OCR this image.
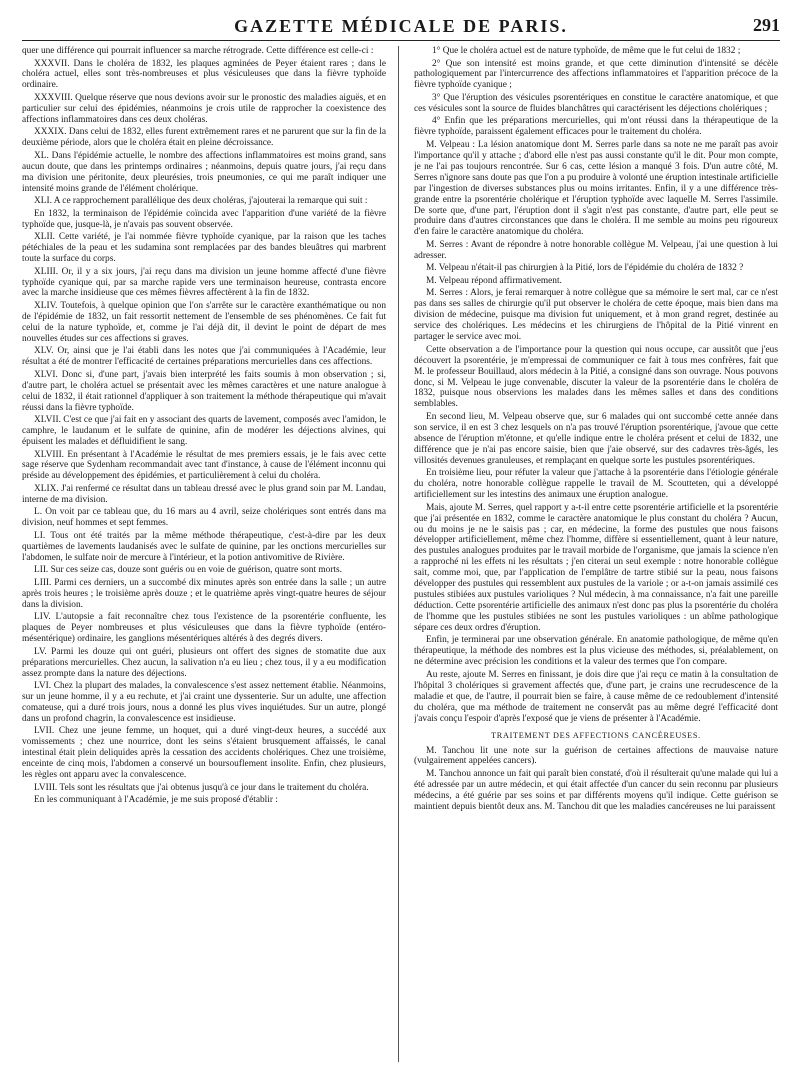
GAZETTE MÉDICALE DE PARIS.	291

quer une différence qui pourrait influencer sa marche rétrograde. Cette différence est celle-ci :

XXXVII. Dans le choléra de 1832, les plaques agminées de Peyer étaient rares ; dans le choléra actuel, elles sont très-nombreuses et plus vésiculeuses que dans la fièvre typhoïde ordinaire.

XXXVIII. Quelque réserve que nous devions avoir sur le pronostic des maladies aiguës, et en particulier sur celui des épidémies, néanmoins je crois utile de rapprocher la coexistence des affections inflammatoires dans ces deux choléras.

XXXIX. Dans celui de 1832, elles furent extrêmement rares et ne parurent que sur la fin de la deuxième période, alors que le choléra était en pleine décroissance.

XL. Dans l'épidémie actuelle, le nombre des affections inflammatoires est moins grand, sans aucun doute, que dans les printemps ordinaires ; néanmoins, depuis quatre jours, j'ai reçu dans ma division une péritonite, deux pleurésies, trois pneumonies, ce qui me paraît indiquer une intensité moins grande de l'élément cholérique.

XLI. A ce rapprochement parallélique des deux choléras, j'ajouterai la remarque qui suit :

En 1832, la terminaison de l'épidémie coïncida avec l'apparition d'une variété de la fièvre typhoïde que, jusque-là, je n'avais pas souvent observée.

XLII. Cette variété, je l'ai nommée fièvre typhoïde cyanique, par la raison que les taches pétéchiales de la peau et les sudamina sont remplacées par des bandes bleuâtres qui marbrent toute la surface du corps.

XLIII. Or, il y a six jours, j'ai reçu dans ma division un jeune homme affecté d'une fièvre typhoïde cyanique qui, par sa marche rapide vers une terminaison heureuse, contrasta encore avec la marche insidieuse que ces mêmes fièvres affectèrent à la fin de 1832.

XLIV. Toutefois, à quelque opinion que l'on s'arrête sur le caractère exanthématique ou non de l'épidémie de 1832, un fait ressortit nettement de l'ensemble de ses phénomènes. Ce fait fut celui de la nature typhoïde, et, comme je l'ai déjà dit, il devint le point de départ de mes nouvelles études sur ces affections si graves.

XLV. Or, ainsi que je l'ai établi dans les notes que j'ai communiquées à l'Académie, leur résultat a été de montrer l'efficacité de certaines préparations mercurielles dans ces affections.

XLVI. Donc si, d'une part, j'avais bien interprété les faits soumis à mon observation ; si, d'autre part, le choléra actuel se présentait avec les mêmes caractères et une nature analogue à celui de 1832, il était rationnel d'appliquer à son traitement la méthode thérapeutique qui m'avait réussi dans la fièvre typhoïde.

XLVII. C'est ce que j'ai fait en y associant des quarts de lavement, composés avec l'amidon, le camphre, le laudanum et le sulfate de quinine, afin de modérer les déjections alvines, qui épuisent les malades et défluidifient le sang.

XLVIII. En présentant à l'Académie le résultat de mes premiers essais, je le fais avec cette sage réserve que Sydenham recommandait avec tant d'instance, à cause de l'élément inconnu qui préside au développement des épidémies, et particulièrement à celui du choléra.

XLIX. J'ai renfermé ce résultat dans un tableau dressé avec le plus grand soin par M. Landau, interne de ma division.

L. On voit par ce tableau que, du 16 mars au 4 avril, seize cholériques sont entrés dans ma division, neuf hommes et sept femmes.

LI. Tous ont été traités par la même méthode thérapeutique, c'est-à-dire par les deux quartièmes de lavements laudanisés avec le sulfate de quinine, par les onctions mercurielles sur l'abdomen, le sulfate noir de mercure à l'intérieur, et la potion antivomitive de Rivière.

LII. Sur ces seize cas, douze sont guéris ou en voie de guérison, quatre sont morts.

LIII. Parmi ces derniers, un a succombé dix minutes après son entrée dans la salle ; un autre après trois heures ; le troisième après douze ; et le quatrième après vingt-quatre heures de séjour dans la division.

LIV. L'autopsie a fait reconnaître chez tous l'existence de la psorentérie confluente, les plaques de Peyer nombreuses et plus vésiculeuses que dans la fièvre typhoïde (entéro-mésentérique) ordinaire, les ganglions mésentériques altérés à des degrés divers.

LV. Parmi les douze qui ont guéri, plusieurs ont offert des signes de stomatite due aux préparations mercurielles. Chez aucun, la salivation n'a eu lieu ; chez tous, il y a eu modification assez prompte dans la nature des déjections.

LVI. Chez la plupart des malades, la convalescence s'est assez nettement établie. Néanmoins, sur un jeune homme, il y a eu rechute, et j'ai craint une dyssenterie. Sur un adulte, une affection comateuse, qui a duré trois jours, nous a donné les plus vives inquiétudes. Sur un autre, plongé dans un profond chagrin, la convalescence est insidieuse.

LVII. Chez une jeune femme, un hoquet, qui a duré vingt-deux heures, a succédé aux vomissements ; chez une nourrice, dont les seins s'étaient brusquement affaissés, le canal intestinal était plein deliquides après la cessation des accidents cholériques. Chez une troisième, enceinte de cinq mois, l'abdomen a conservé un boursouflement insolite. Enfin, chez plusieurs, les règles ont apparu avec la convalescence.

LVIII. Tels sont les résultats que j'ai obtenus jusqu'à ce jour dans le traitement du choléra.

En les communiquant à l'Académie, je me suis proposé d'établir :

1° Que le choléra actuel est de nature typhoïde, de même que le fut celui de 1832 ;

2° Que son intensité est moins grande, et que cette diminution d'intensité se décèle pathologiquement par l'intercurrence des affections inflammatoires et l'apparition précoce de la fièvre typhoïde cyanique ;

3° Que l'éruption des vésicules psorentériques en constitue le caractère anatomique, et que ces vésicules sont la source de fluides blanchâtres qui caractérisent les déjections cholériques ;

4° Enfin que les préparations mercurielles, qui m'ont réussi dans la thérapeutique de la fièvre typhoïde, paraissent également efficaces pour le traitement du choléra.

M. Velpeau : La lésion anatomique dont M. Serres parle dans sa note ne me paraît pas avoir l'importance qu'il y attache ; d'abord elle n'est pas aussi constante qu'il le dit. Pour mon compte, je ne l'ai pas toujours rencontrée. Sur 6 cas, cette lésion a manqué 3 fois. D'un autre côté, M. Serres n'ignore sans doute pas que l'on a pu produire à volonté une éruption intestinale artificielle par l'ingestion de diverses substances plus ou moins irritantes. Enfin, il y a une différence très-grande entre la psorentérie cholérique et l'éruption typhoïde avec laquelle M. Serres l'assimile. De sorte que, d'une part, l'éruption dont il s'agit n'est pas constante, d'autre part, elle peut se produire dans d'autres circonstances que dans le choléra. Il me semble au moins peu rigoureux d'en faire le caractère anatomique du choléra.

M. Serres : Avant de répondre à notre honorable collègue M. Velpeau, j'ai une question à lui adresser.

M. Velpeau n'était-il pas chirurgien à la Pitié, lors de l'épidémie du choléra de 1832 ?

M. Velpeau répond affirmativement.

M. Serres : Alors, je ferai remarquer à notre collègue que sa mémoire le sert mal, car ce n'est pas dans ses salles de chirurgie qu'il put observer le choléra de cette époque, mais bien dans ma division de médecine, puisque ma division fut uniquement, et à mon grand regret, destinée au service des cholériques. Les médecins et les chirurgiens de l'hôpital de la Pitié vinrent en partager le service avec moi.

Cette observation a de l'importance pour la question qui nous occupe, car aussitôt que j'eus découvert la psorentérie, je m'empressai de communiquer ce fait à tous mes confrères, fait que M. le professeur Bouillaud, alors médecin à la Pitié, a consigné dans son ouvrage. Nous pouvons donc, si M. Velpeau le juge convenable, discuter la valeur de la psorentérie dans le choléra de 1832, puisque nous observions les malades dans les mêmes salles et dans des conditions semblables.

En second lieu, M. Velpeau observe que, sur 6 malades qui ont succombé cette année dans son service, il en est 3 chez lesquels on n'a pas trouvé l'éruption psorentérique, j'avoue que cette absence de l'éruption m'étonne, et qu'elle indique entre le choléra présent et celui de 1832, une différence que je n'ai pas encore saisie, bien que j'aie observé, sur des cadavres très-âgés, les villosités devenues granuleuses, et remplaçant en quelque sorte les pustules psorentériques.

En troisième lieu, pour réfuter la valeur que j'attache à la psorentérie dans l'étiologie générale du choléra, notre honorable collègue rappelle le travail de M. Scoutteten, qui a développé artificiellement sur les intestins des animaux une éruption analogue.

Mais, ajoute M. Serres, quel rapport y a-t-il entre cette psorentérie artificielle et la psorentérie que j'ai présentée en 1832, comme le caractère anatomique le plus constant du choléra ? Aucun, ou du moins je ne le saisis pas ; car, en médecine, la forme des pustules que nous faisons développer artificiellement, même chez l'homme, diffère si essentiellement, quant à leur nature, des pustules analogues produites par le travail morbide de l'organisme, que jamais la science n'en a rapproché ni les effets ni les résultats ; j'en citerai un seul exemple : notre honorable collègue sait, comme moi, que, par l'application de l'emplâtre de tartre stibié sur la peau, nous faisons développer des pustules qui ressemblent aux pustules de la variole ; or a-t-on jamais assimilé ces pustules stibiées aux pustules varioliques ? Nul médecin, à ma connaissance, n'a fait une pareille déduction. Cette psorentérie artificielle des animaux n'est donc pas plus la psorentérie du choléra de l'homme que les pustules stibiées ne sont les pustules varioliques : un abîme pathologique sépare ces deux ordres d'éruption.

Enfin, je terminerai par une observation générale. En anatomie pathologique, de même qu'en thérapeutique, la méthode des nombres est la plus vicieuse des méthodes, si, préalablement, on ne détermine avec précision les conditions et la valeur des termes que l'on compare.

Au reste, ajoute M. Serres en finissant, je dois dire que j'ai reçu ce matin à la consultation de l'hôpital 3 cholériques si gravement affectés que, d'une part, je crains une recrudescence de la maladie et que, de l'autre, il pourrait bien se faire, à cause même de ce redoublement d'intensité du choléra, que ma méthode de traitement ne conservât pas au même degré l'efficacité dont j'avais conçu l'espoir d'après l'exposé que je viens de présenter à l'Académie.

TRAITEMENT DES AFFECTIONS CANCÉREUSES.

M. Tanchou lit une note sur la guérison de certaines affections de mauvaise nature (vulgairement appelées cancers).

M. Tanchou annonce un fait qui paraît bien constaté, d'où il résulterait qu'une malade qui lui a été adressée par un autre médecin, et qui était affectée d'un cancer du sein reconnu par plusieurs médecins, a été guérie par ses soins et par différents moyens qu'il indique. Cette guérison se maintient depuis bientôt deux ans. M. Tanchou dit que les maladies cancéreuses ne lui paraissent
